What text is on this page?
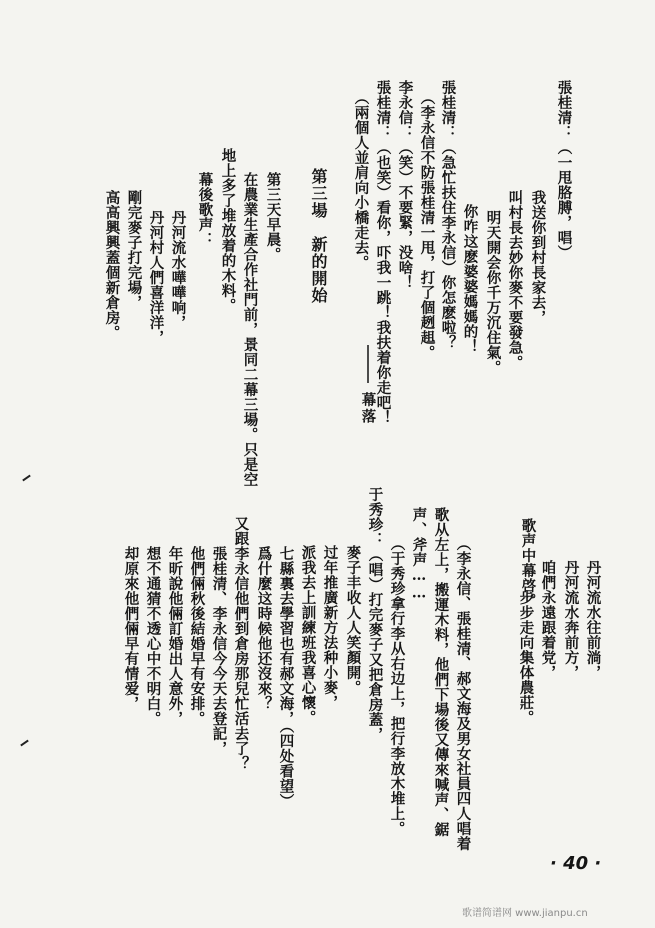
張桂清：（一甩胳膊，唱）
我送你到村長家去，
叫村長去妙你麥不要發急。
明天開会你千万沉住氣。
你咋这麽婆婆媽媽的！
張桂清：（急忙扶住李永信）你怎麽啦？
（李永信不防張桂清一甩，打了個趔趄。
李永信：（笑）不要緊，没啥！
張桂清：（也笑）看你，吓我一跳！我扶着你走吧！
（兩個人並肩向小橋走去。
第三場　新的開始
第三天早晨。
在農業生產合作社門前，景同二幕三場。只是空
地上多了堆放着的木料。
幕後歌声：
丹河流水嘩嘩响，
丹河村人們喜洋洋，
剛完麥子打完場，
高高興興蓋個新倉房。
歌声中幕啓。	丹河流水往前淌，
丹河流水奔前方，
咱們永遠跟着党，
步步走向集体農莊。
（李永信、張桂清、郝文海及男女社員四人唱着
歌从左上，搬運木料，他們下場後又傳來喊声、鋸
声、斧声……
（于秀珍拿行李从右边上，把行李放木堆上。
于秀珍：（唱）打完麥子又把倉房蓋，
麥子丰收人人笑顏開。
过年推廣新方法种小麥，
派我去上訓練班我喜心懷。
七縣裏去學習也有郝文海，（四处看望）
爲什麼这時候他还沒來？
又跟李永信他們到倉房那兒忙活去了？
張桂清、李永信今今天去登記，
他們倆秋後結婚早有安排。
年昕說他倆訂婚出人意外，
想不通猜不透心中不明白。
却原來他們倆早有情爱，
幕落
· 40 ·
歌谱简谱网 www.jianpu.cn
